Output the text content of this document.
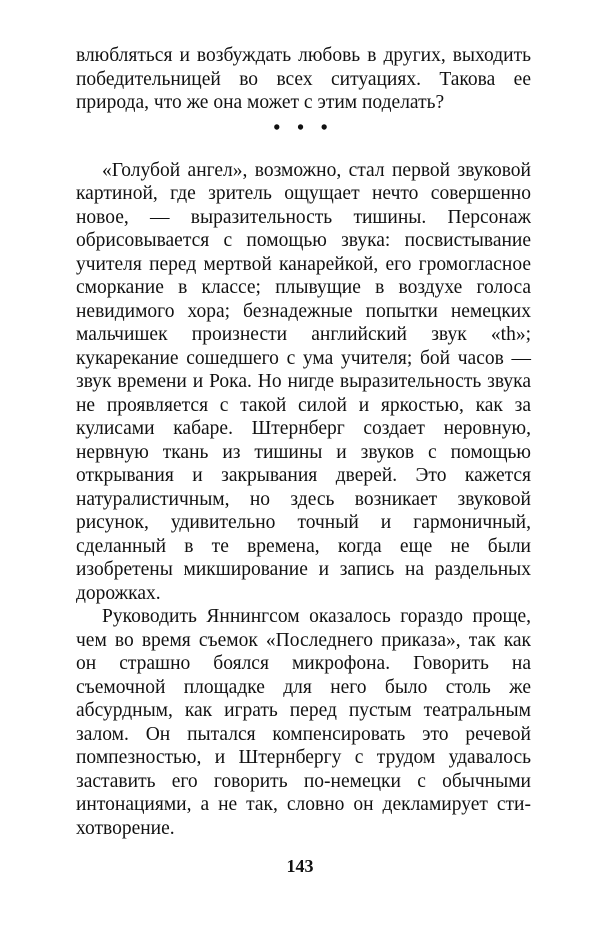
влюбляться и возбуждать любовь в других, выходить победительницей во всех ситуациях. Такова ее природа, что же она может с этим поделать?

• • •

«Голубой ангел», возможно, стал первой звуковой картиной, где зритель ощущает нечто совершенно новое, — выразительность тишины. Персонаж обрисовывается с помощью звука: посвистывание учителя перед мертвой канарейкой, его громогласное сморкание в классе; плывущие в воздухе голоса невидимого хора; безнадежные попытки немецких мальчишек произнести английский звук «th»; кукарекание сошедшего с ума учителя; бой часов — звук времени и Рока. Но нигде выразительность звука не проявляется с такой силой и яркостью, как за кулисами кабаре. Штернберг создает неровную, нервную ткань из тишины и звуков с помощью открывания и закрывания дверей. Это кажется натуралистичным, но здесь возникает звуковой рисунок, удивительно точный и гармоничный, сделанный в те времена, когда еще не были изобретены микширование и запись на раздельных дорожках.

Руководить Яннингсом оказалось гораздо проще, чем во время съемок «Последнего приказа», так как он страшно боялся микрофона. Говорить на съемочной площадке для него было столь же абсурдным, как играть перед пустым театральным залом. Он пытался компенсировать это речевой помпезностью, и Штернбергу с трудом удавалось заставить его говорить по-немецки с обычными интонациями, а не так, словно он декламирует стихотворение.

143
